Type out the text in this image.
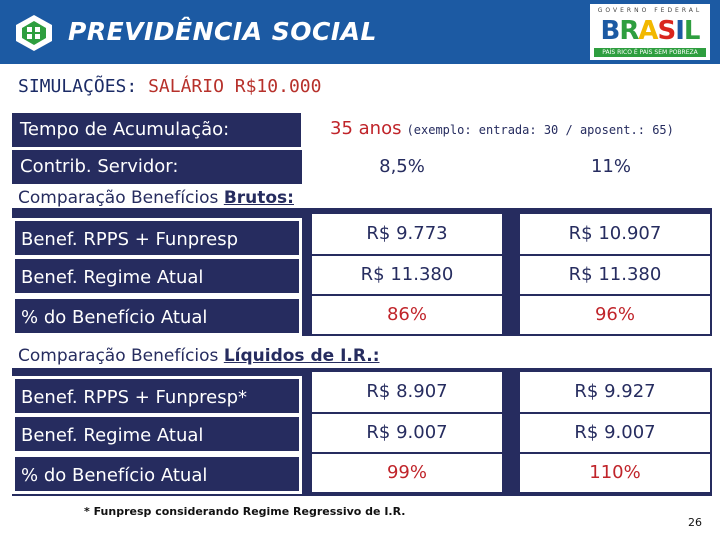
PREVIDÊNCIA SOCIAL
GOVERNO FEDERAL
BRASIL
PAÍS RICO É PAÍS SEM POBREZA
SIMULAÇÕES: SALÁRIO R$10.000
Tempo de Acumulação:	35 anos (exemplo: entrada: 30 / aposent.: 65)
Contrib. Servidor:	8,5%	11%
Comparação Benefícios Brutos:
Benef. RPPS + Funpresp	R$ 9.773	R$ 10.907
Benef. Regime Atual	R$ 11.380	R$ 11.380
% do Benefício Atual	86%	96%
Comparação Benefícios Líquidos de I.R.:
Benef. RPPS + Funpresp*	R$ 8.907	R$ 9.927
Benef. Regime Atual	R$ 9.007	R$ 9.007
% do Benefício Atual	99%	110%
* Funpresp considerando Regime Regressivo de I.R.
26
